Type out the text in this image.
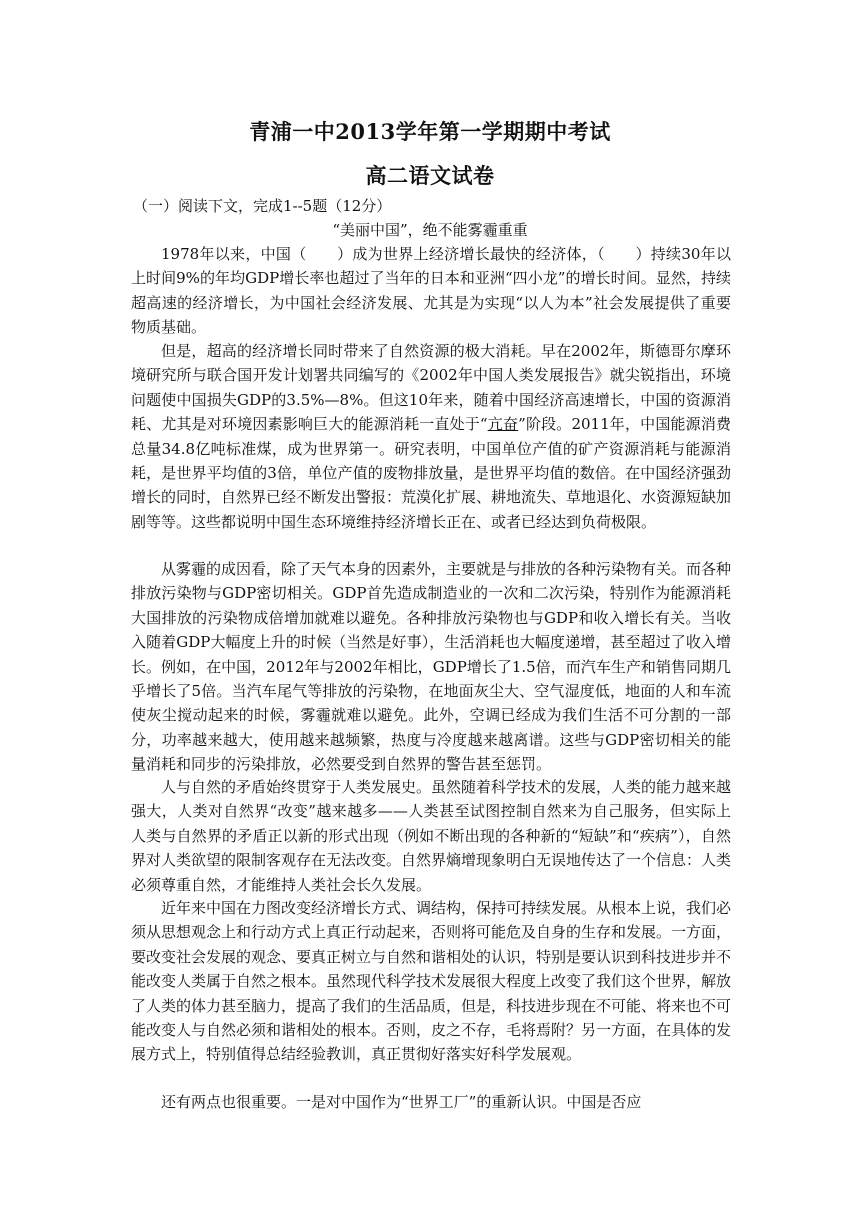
青浦一中2013学年第一学期期中考试
高二语文试卷
（一）阅读下文，完成1--5题（12分）
“美丽中国”，绝不能雾霾重重

1978年以来，中国（　　）成为世界上经济增长最快的经济体，（　　）持续30年以上时间9%的年均GDP增长率也超过了当年的日本和亚洲“四小龙”的增长时间。显然，持续超高速的经济增长，为中国社会经济发展、尤其是为实现“以人为本”社会发展提供了重要物质基础。

但是，超高的经济增长同时带来了自然资源的极大消耗。早在2002年，斯德哥尔摩环境研究所与联合国开发计划署共同编写的《2002年中国人类发展报告》就尖锐指出，环境问题使中国损失GDP的3.5%—8%。但这10年来，随着中国经济高速增长，中国的资源消耗、尤其是对环境因素影响巨大的能源消耗一直处于“亢奋”阶段。2011年，中国能源消费总量34.8亿吨标准煤，成为世界第一。研究表明，中国单位产值的矿产资源消耗与能源消耗，是世界平均值的3倍，单位产值的废物排放量，是世界平均值的数倍。在中国经济强劲增长的同时，自然界已经不断发出警报：荒漠化扩展、耕地流失、草地退化、水资源短缺加剧等等。这些都说明中国生态环境维持经济增长正在、或者已经达到负荷极限。

从雾霾的成因看，除了天气本身的因素外，主要就是与排放的各种污染物有关。而各种排放污染物与GDP密切相关。GDP首先造成制造业的一次和二次污染，特别作为能源消耗大国排放的污染物成倍增加就难以避免。各种排放污染物也与GDP和收入增长有关。当收入随着GDP大幅度上升的时候（当然是好事），生活消耗也大幅度递增，甚至超过了收入增长。例如，在中国，2012年与2002年相比，GDP增长了1.5倍，而汽车生产和销售同期几乎增长了5倍。当汽车尾气等排放的污染物，在地面灰尘大、空气湿度低，地面的人和车流使灰尘搅动起来的时候，雾霾就难以避免。此外，空调已经成为我们生活不可分割的一部分，功率越来越大，使用越来越频繁，热度与冷度越来越离谱。这些与GDP密切相关的能量消耗和同步的污染排放，必然要受到自然界的警告甚至惩罚。

人与自然的矛盾始终贯穿于人类发展史。虽然随着科学技术的发展，人类的能力越来越强大，人类对自然界“改变”越来越多——人类甚至试图控制自然来为自己服务，但实际上人类与自然界的矛盾正以新的形式出现（例如不断出现的各种新的“短缺”和“疾病”），自然界对人类欲望的限制客观存在无法改变。自然界熵增现象明白无误地传达了一个信息：人类必须尊重自然，才能维持人类社会长久发展。

近年来中国在力图改变经济增长方式、调结构，保持可持续发展。从根本上说，我们必须从思想观念上和行动方式上真正行动起来，否则将可能危及自身的生存和发展。一方面，要改变社会发展的观念、要真正树立与自然和谐相处的认识，特别是要认识到科技进步并不能改变人类属于自然之根本。虽然现代科学技术发展很大程度上改变了我们这个世界，解放了人类的体力甚至脑力，提高了我们的生活品质，但是，科技进步现在不可能、将来也不可能改变人与自然必须和谐相处的根本。否则，皮之不存，毛将焉附？另一方面，在具体的发展方式上，特别值得总结经验教训，真正贯彻好落实好科学发展观。

还有两点也很重要。一是对中国作为“世界工厂”的重新认识。中国是否应
